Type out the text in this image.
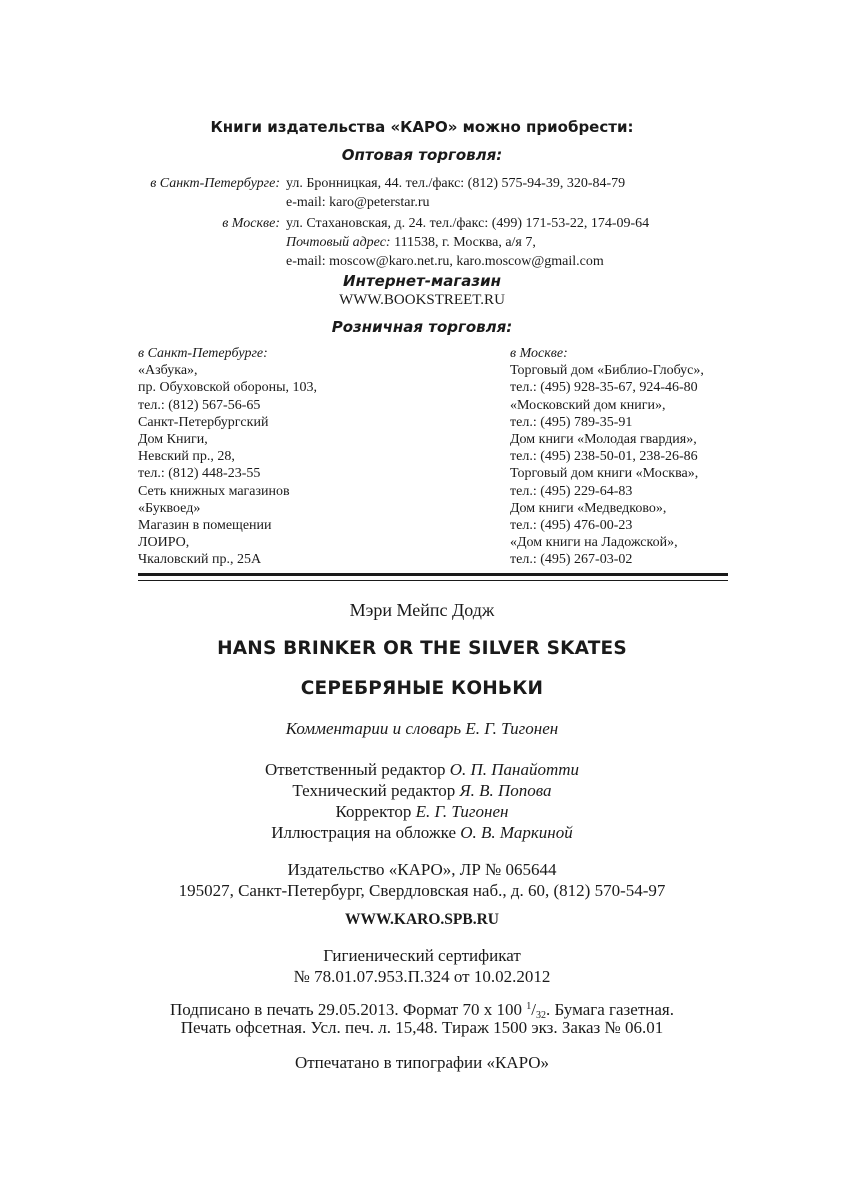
Книги издательства «КАРО» можно приобрести:
Оптовая торговля:
в Санкт-Петербурге: ул. Бронницкая, 44. тел./факс: (812) 575-94-39, 320-84-79
e-mail: karo@peterstar.ru
в Москве: ул. Стахановская, д. 24. тел./факс: (499) 171-53-22, 174-09-64
Почтовый адрес: 111538, г. Москва, а/я 7,
e-mail: moscow@karo.net.ru, karo.moscow@gmail.com
Интернет-магазин
WWW.BOOKSTREET.RU
Розничная торговля:
в Санкт-Петербурге:
«Азбука»,
пр. Обуховской обороны, 103,
тел.: (812) 567-56-65
Санкт-Петербургский
Дом Книги,
Невский пр., 28,
тел.: (812) 448-23-55
Сеть книжных магазинов
«Буквоед»
Магазин в помещении
ЛОИРО,
Чкаловский пр., 25А
в Москве:
Торговый дом «Библио-Глобус»,
тел.: (495) 928-35-67, 924-46-80
«Московский дом книги»,
тел.: (495) 789-35-91
Дом книги «Молодая гвардия»,
тел.: (495) 238-50-01, 238-26-86
Торговый дом книги «Москва»,
тел.: (495) 229-64-83
Дом книги «Медведково»,
тел.: (495) 476-00-23
«Дом книги на Ладожской»,
тел.: (495) 267-03-02
Мэри Мейпс Додж
HANS BRINKER OR THE SILVER SKATES
СЕРЕБРЯНЫЕ КОНЬКИ
Комментарии и словарь Е. Г. Тигонен
Ответственный редактор О. П. Панайотти
Технический редактор Я. В. Попова
Корректор Е. Г. Тигонен
Иллюстрация на обложке О. В. Маркиной
Издательство «КАРО», ЛР № 065644
195027, Санкт-Петербург, Свердловская наб., д. 60, (812) 570-54-97
WWW.KARO.SPB.RU
Гигиенический сертификат
№ 78.01.07.953.П.324 от 10.02.2012
Подписано в печать 29.05.2013. Формат 70 х 100 $^1/_{32}$. Бумага газетная.
Печать офсетная. Усл. печ. л. 15,48. Тираж 1500 экз. Заказ № 06.01
Отпечатано в типографии «КАРО»
